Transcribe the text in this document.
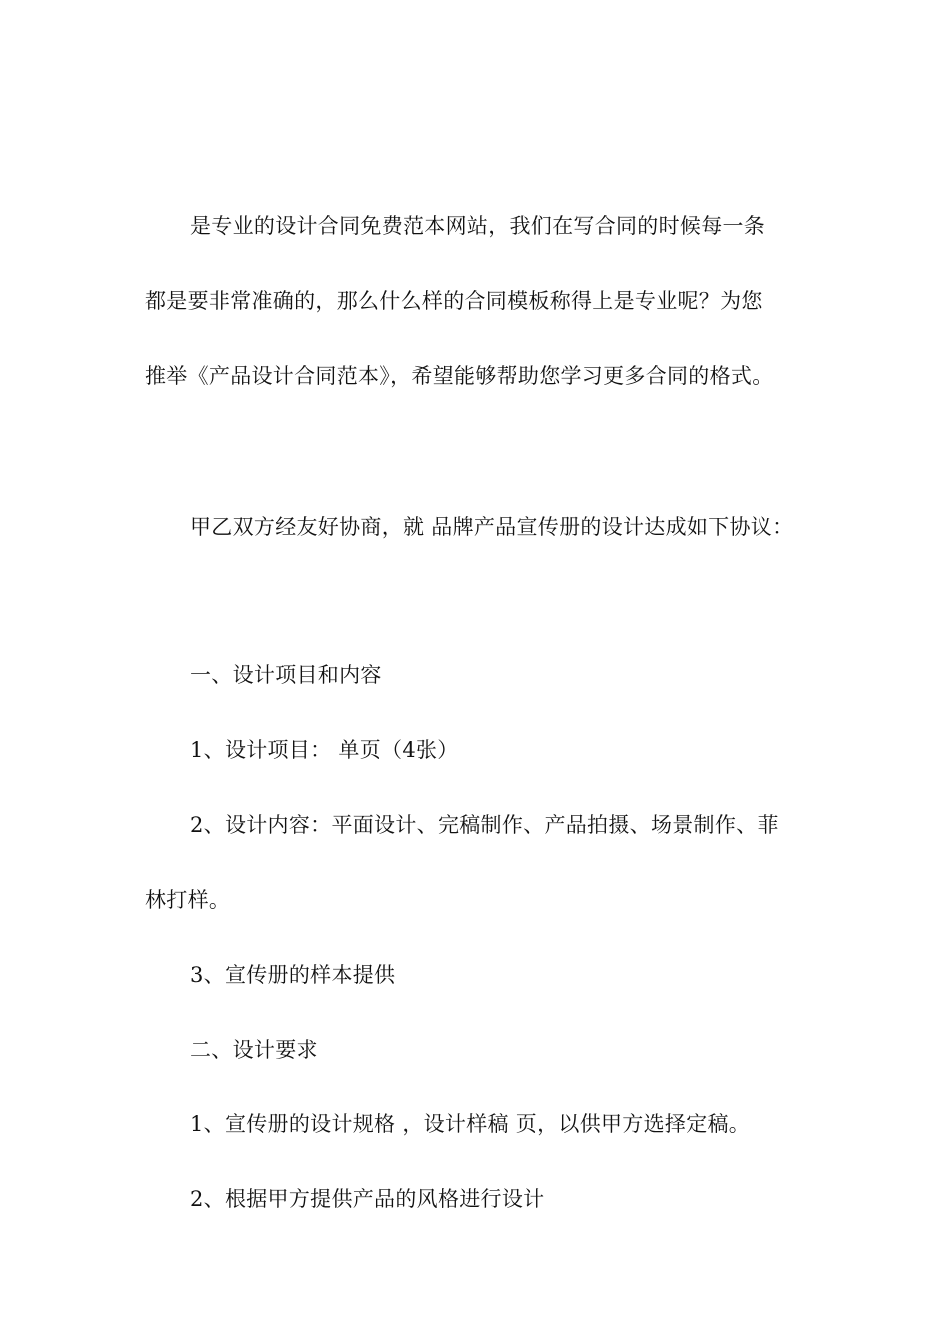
是专业的设计合同免费范本网站，我们在写合同的时候每一条

都是要非常准确的，那么什么样的合同模板称得上是专业呢？为您

推举《产品设计合同范本》，希望能够帮助您学习更多合同的格式。

甲乙双方经友好协商，就 品牌产品宣传册的设计达成如下协议：

一、设计项目和内容

1、设计项目： 单页（4张）

2、设计内容：平面设计、完稿制作、产品拍摄、场景制作、菲

林打样。

3、宣传册的样本提供

二、设计要求

1、宣传册的设计规格 ，设计样稿 页，以供甲方选择定稿。

2、根据甲方提供产品的风格进行设计
